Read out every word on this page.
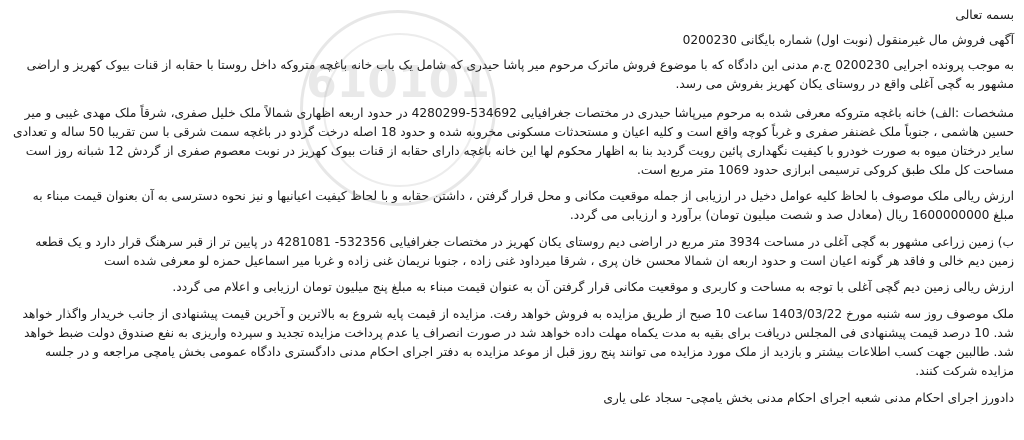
610101

بسمه تعالی

آگهی فروش مال غیرمنقول (نوبت اول) شماره بایگانی 0200230

به موجب پرونده اجرایی 0200230 ج.م مدنی این دادگاه که با موضوع فروش ماترک مرحوم میر پاشا حیدری که شامل یک باب خانه باغچه متروکه داخل روستا با حقابه از قنات بیوک کهریز و اراضی مشهور به گچی آغلی واقع در روستای یکان کهریز بفروش می رسد.

مشخصات :الف) خانه باغچه متروکه معرفی شده به مرحوم میرپاشا حیدری در مختصات جغرافیایی 534692-4280299 در حدود اربعه اظهاری شمالاً ملک خلیل صفری، شرقاً ملک مهدی غیبی و میر حسین هاشمی ، جنوباً ملک غضنفر صفری و غرباً کوچه واقع است و کلیه اعیان و مستحدثات مسکونی مخروبه شده و حدود 18 اصله درخت گردو در باغچه سمت شرقی با سن تقریبا 50 ساله و تعدادی سایر درختان میوه به صورت خودرو با کیفیت نگهداری پائین رویت گردید بنا به اظهار محکوم لها این خانه باغچه دارای حقابه از قنات بیوک کهریز در نوبت معصوم صفری از گردش 12 شبانه روز است مساحت کل ملک طبق کروکی ترسیمی ابرازی حدود 1069 متر مربع است.

ارزش ریالی ملک موصوف با لحاظ کلیه عوامل دخیل در ارزیابی از جمله موقعیت مکانی و محل قرار گرفتن ، داشتن حقابه و با لحاظ کیفیت اعیانیها و نیز نحوه دسترسی به آن بعنوان قیمت مبناء به مبلغ 1600000000 ریال (معادل صد و شصت میلیون تومان) برآورد و ارزیابی می گردد.

ب) زمین زراعی مشهور به گچی آغلی در مساحت 3934 متر مربع در اراضی دیم روستای یکان کهریز در مختصات جغرافیایی 532356- 4281081 در پایین تر از قبر سرهنگ قرار دارد و یک قطعه زمین دیم خالی و فاقد هر گونه اعیان است و حدود اربعه ان شمالا محسن خان پری ، شرقا میرداود غنی زاده ، جنوبا نریمان غنی زاده و غربا میر اسماعیل حمزه لو معرفی شده است

ارزش ریالی زمین دیم گچی آغلی با توجه به مساحت و کاربری و موقعیت مکانی قرار گرفتن آن به عنوان قیمت مبناء به مبلغ پنج میلیون تومان ارزیابی و اعلام می گردد.

ملک موصوف روز سه شنبه مورخ 1403/03/22 ساعت 10 صبح از طریق مزایده به فروش خواهد رفت. مزایده از قیمت پایه شروع به بالاترین و آخرین قیمت پیشنهادی از جانب خریدار واگذار خواهد شد. 10 درصد قیمت پیشنهادی فی المجلس دریافت برای بقیه به مدت یکماه مهلت داده خواهد شد در صورت انصراف یا عدم پرداخت مزایده تجدید و سپرده واریزی به نفع صندوق دولت ضبط خواهد شد. طالبین جهت کسب اطلاعات بیشتر و بازدید از ملک مورد مزایده می توانند پنج روز قبل از موعد مزایده به دفتر اجرای احکام مدنی دادگستری دادگاه عمومی بخش یامچی مراجعه و در جلسه مزایده شرکت کنند.

دادورز اجرای احکام مدنی شعبه اجرای احکام مدنی بخش یامچی- سجاد علی یاری
